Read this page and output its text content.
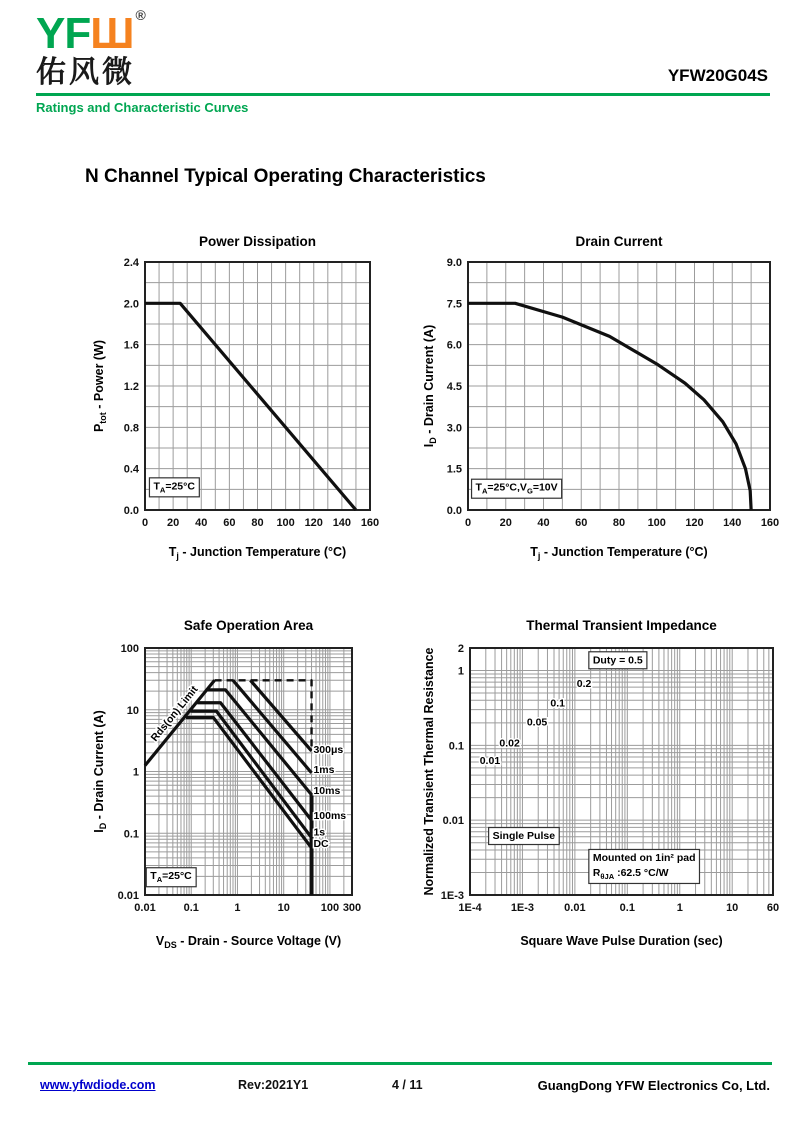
YFШ ®
佑风微	YFW20G04S
Ratings and Characteristic Curves
N Channel Typical Operating Characteristics
0 20 40 60 80 100 120 140 160
0.0
0.4
0.8
1.2
1.6
2.0
2.4
$T_A=25^\circ C$
Power Dissipation
$T_j$ - Junction Temperature (°C)
$P_{tot}$ - Power (W)
0	20 40 60 80 100 120 140 160
0.0
1.5
3.0
4.5
6.0
7.5
9.0
$T_A=25^\circ C,V_G=10V$
Drain Current
$T_j$ - Junction Temperature (°C)
$I_D$ - Drain Current (A)
0.01	0.1	1	10	100 300
0.01
0.1
1
10
100
Rds(on) Limit
300μs
1ms
10ms
100ms
1s
DC
$T_A=25^\circ C$
Safe Operation Area
$V_{DS}$ - Drain - Source Voltage (V)
$I_D$ - Drain Current (A)
1E-4	1E-3	0.01	0.1	1	10	60
2
1
0.1
0.01
1E-3
Duty = 0.5
0.2
0.1
0.05
0.02
0.01
Single Pulse
Mounted on 1in² pad
$R_{\theta JA}$ :62.5 °C/W
Thermal Transient Impedance
Square Wave Pulse Duration (sec)
Normalized Transient Thermal Resistance
www.yfwdiode.com	Rev:2021Y1	4 / 11	GuangDong YFW Electronics Co, Ltd.
